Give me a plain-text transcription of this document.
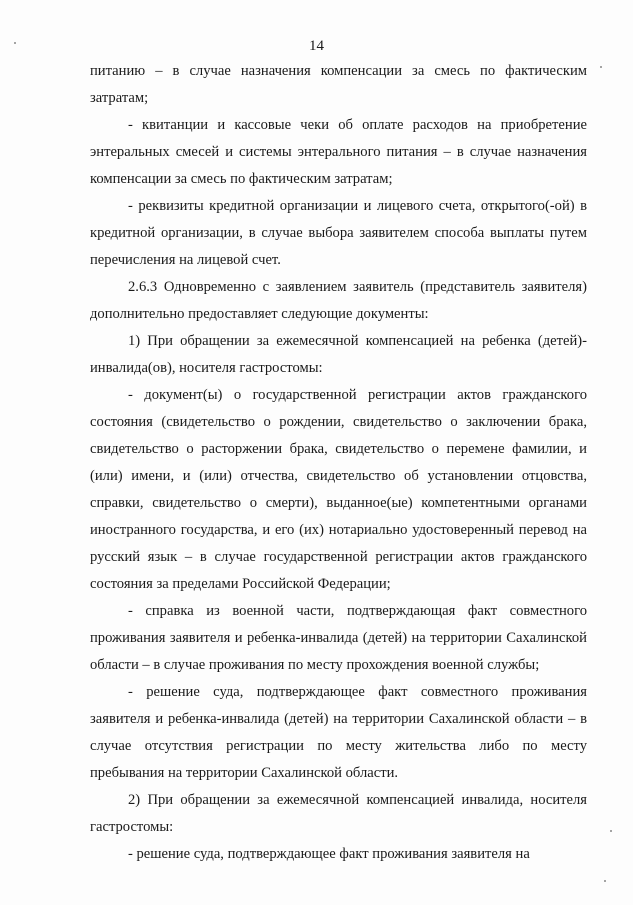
14

питанию – в случае назначения компенсации за смесь по фактическим затратам;

- квитанции и кассовые чеки об оплате расходов на приобретение энтеральных смесей и системы энтерального питания – в случае назначения компенсации за смесь по фактическим затратам;

- реквизиты кредитной организации и лицевого счета, открытого(-ой) в кредитной организации, в случае выбора заявителем способа выплаты путем перечисления на лицевой счет.

2.6.3 Одновременно с заявлением заявитель (представитель заявителя) дополнительно предоставляет следующие документы:

1) При обращении за ежемесячной компенсацией на ребенка (детей)-инвалида(ов), носителя гастростомы:

- документ(ы) о государственной регистрации актов гражданского состояния (свидетельство о рождении, свидетельство о заключении брака, свидетельство о расторжении брака, свидетельство о перемене фамилии, и (или) имени, и (или) отчества, свидетельство об установлении отцовства, справки, свидетельство о смерти), выданное(ые) компетентными органами иностранного государства, и его (их) нотариально удостоверенный перевод на русский язык – в случае государственной регистрации актов гражданского состояния за пределами Российской Федерации;

- справка из военной части, подтверждающая факт совместного проживания заявителя и ребенка-инвалида (детей) на территории Сахалинской области – в случае проживания по месту прохождения военной службы;

- решение суда, подтверждающее факт совместного проживания заявителя и ребенка-инвалида (детей) на территории Сахалинской области – в случае отсутствия регистрации по месту жительства либо по месту пребывания на территории Сахалинской области.

2) При обращении за ежемесячной компенсацией инвалида, носителя гастростомы:

- решение суда, подтверждающее факт проживания заявителя на
